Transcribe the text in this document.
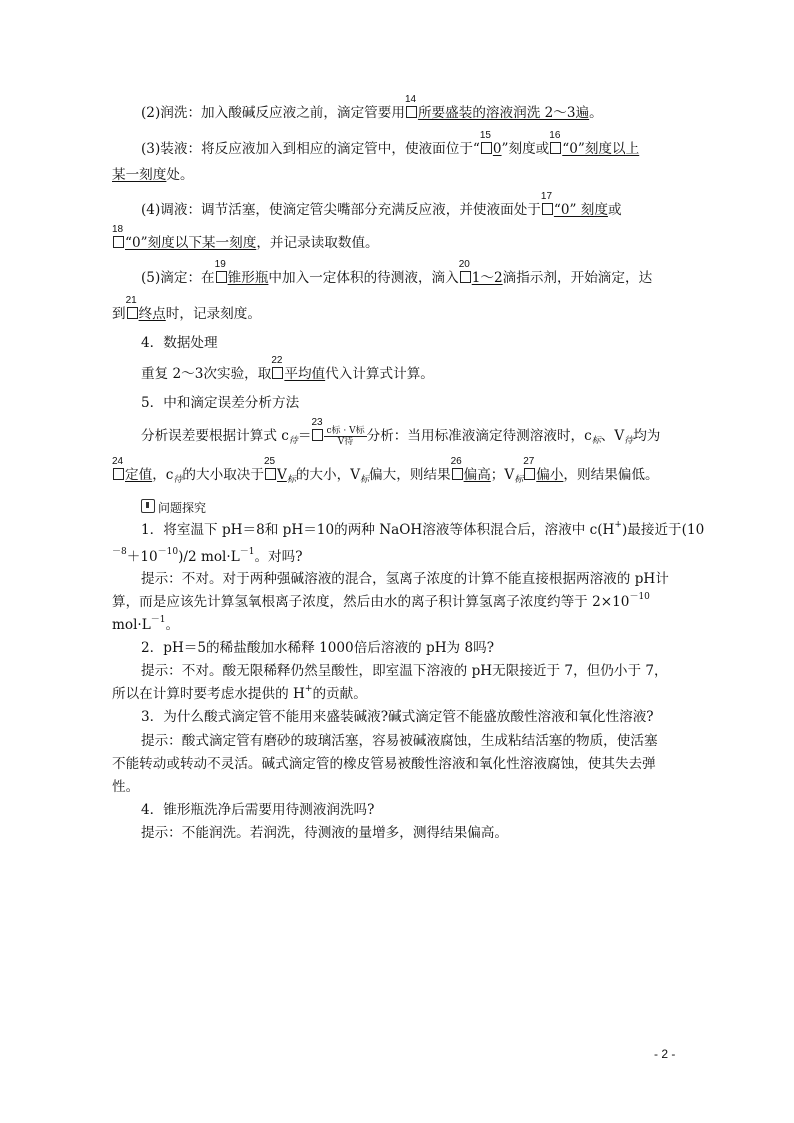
(2)润洗：加入酸碱反应液之前，滴定管要用
14
所要盛装的溶液润洗 2～3遍。
(3)装液：将反应液加入到相应的滴定管中，使液面位于“
15
0”刻度或
16
“0”刻度以上
某一刻度处。
(4)调液：调节活塞，使滴定管尖嘴部分充满反应液，并使液面处于
17
“0” 刻度或
18
“0”刻度以下某一刻度，并记录读取数值。
(5)滴定：在
19
锥形瓶中加入一定体积的待测液，滴入
20
1～2滴指示剂，开始滴定，达
到
21
终点时，记录刻度。
4．数据处理
重复 2～3次实验，取
22
平均值代入计算式计算。
5．中和滴定误差分析方法
分析误差要根据计算式 $c_待=$
23
$\frac{\text{c标 · V标}}{\text{V待}}$分析：当用标准液滴定待测溶液时，$c_标$、$V_待$均为
24
定值，$c_待$的大小取决于
25
$V_标$的大小，$V_标$偏大，则结果
26
偏高；$V_标$
27
偏小，则结果偏低。
问题探究
1．将室温下 pH＝8和 pH＝10的两种 NaOH溶液等体积混合后，溶液中 c(H+)最接近于(10
$^{-8}+10^{-10})/2$ $mol\cdot L^{-1}$。对吗?
提示：不对。对于两种强碱溶液的混合，氢离子浓度的计算不能直接根据两溶液的 pH计
算，而是应该先计算氢氧根离子浓度，然后由水的离子积计算氢离子浓度约等于 $2\times 10^{-10}$
$mol\cdot L^{-1}$。
2．pH＝5的稀盐酸加水稀释 1000倍后溶液的 pH为 8吗?
提示：不对。酸无限稀释仍然呈酸性，即室温下溶液的 pH无限接近于 7，但仍小于 7，
所以在计算时要考虑水提供的 H+的贡献。
3．为什么酸式滴定管不能用来盛装碱液?碱式滴定管不能盛放酸性溶液和氧化性溶液?
提示：酸式滴定管有磨砂的玻璃活塞，容易被碱液腐蚀，生成粘结活塞的物质，使活塞
不能转动或转动不灵活。碱式滴定管的橡皮管易被酸性溶液和氧化性溶液腐蚀，使其失去弹
性。
4．锥形瓶洗净后需要用待测液润洗吗?
提示：不能润洗。若润洗，待测液的量增多，测得结果偏高。
- 2 -
